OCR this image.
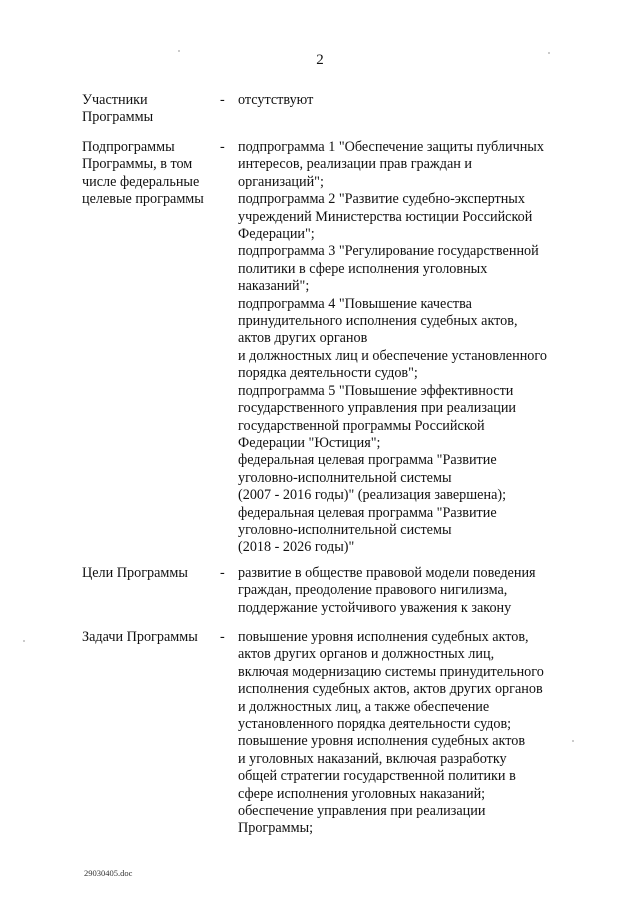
2
Участники
Программы
- отсутствуют
Подпрограммы
Программы, в том
числе федеральные
целевые программы
- подпрограмма 1 "Обеспечение защиты публичных
интересов, реализации прав граждан и
организаций";
подпрограмма 2 "Развитие судебно-экспертных
учреждений Министерства юстиции Российской
Федерации";
подпрограмма 3 "Регулирование государственной
политики в сфере исполнения уголовных
наказаний";
подпрограмма 4 "Повышение качества
принудительного исполнения судебных актов,
актов других органов
и должностных лиц и обеспечение установленного
порядка деятельности судов";
подпрограмма 5 "Повышение эффективности
государственного управления при реализации
государственной программы Российской
Федерации "Юстиция";
федеральная целевая программа "Развитие
уголовно-исполнительной системы
(2007 - 2016 годы)" (реализация завершена);
федеральная целевая программа "Развитие
уголовно-исполнительной системы
(2018 - 2026 годы)"
Цели Программы	- развитие в обществе правовой модели поведения
граждан, преодоление правового нигилизма,
поддержание устойчивого уважения к закону
Задачи Программы	- повышение уровня исполнения судебных актов,
актов других органов и должностных лиц,
включая модернизацию системы принудительного
исполнения судебных актов, актов других органов
и должностных лиц, а также обеспечение
установленного порядка деятельности судов;
повышение уровня исполнения судебных актов
и уголовных наказаний, включая разработку
общей стратегии государственной политики в
сфере исполнения уголовных наказаний;
обеспечение управления при реализации
Программы;
29030405.doc
